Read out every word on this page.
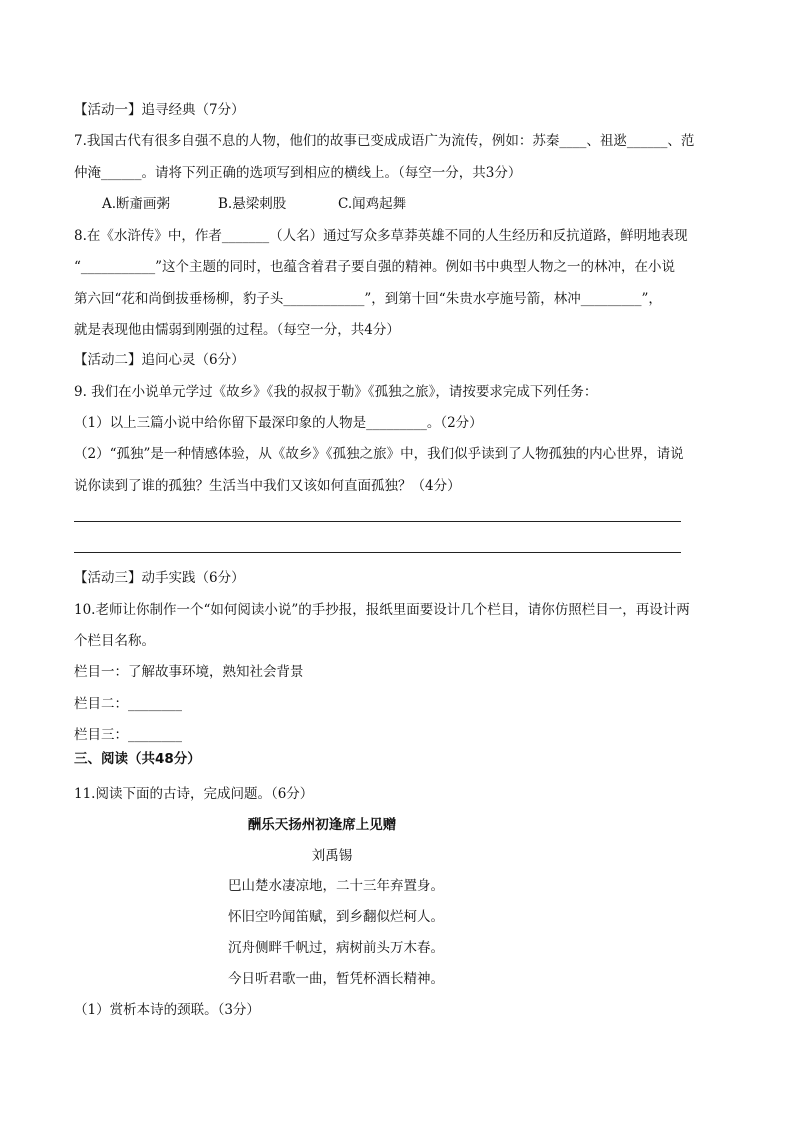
【活动一】追寻经典（7分）
7.我国古代有很多自强不息的人物，他们的故事已变成成语广为流传，例如：苏秦____、祖逖______、范
仲淹______。请将下列正确的选项写到相应的横线上。（每空一分，共3分）
A.断齑画粥	B.悬梁刺股	C.闻鸡起舞
8.在《水浒传》中，作者_______（人名）通过写众多草莽英雄不同的人生经历和反抗道路，鲜明地表现
“___________”这个主题的同时，也蕴含着君子要自强的精神。例如书中典型人物之一的林冲，在小说
第六回“花和尚倒拔垂杨柳，豹子头____________”，到第十回“朱贵水亭施号箭，林冲_________”，
就是表现他由懦弱到刚强的过程。（每空一分，共4分）
【活动二】追问心灵（6分）
9. 我们在小说单元学过《故乡》《我的叔叔于勒》《孤独之旅》，请按要求完成下列任务：
（1）以上三篇小说中给你留下最深印象的人物是_________。（2分）
（2）“孤独”是一种情感体验，从《故乡》《孤独之旅》中，我们似乎读到了人物孤独的内心世界，请说
说你读到了谁的孤独？生活当中我们又该如何直面孤独？（4分）
【活动三】动手实践（6分）
10.老师让你制作一个“如何阅读小说”的手抄报，报纸里面要设计几个栏目，请你仿照栏目一，再设计两
个栏目名称。
栏目一：了解故事环境，熟知社会背景
栏目二：________
栏目三：________
三、阅读（共48分）
11.阅读下面的古诗，完成问题。（6分）
酬乐天扬州初逢席上见赠
刘禹锡
巴山楚水凄凉地，二十三年弃置身。
怀旧空吟闻笛赋，到乡翻似烂柯人。
沉舟侧畔千帆过，病树前头万木春。
今日听君歌一曲，暂凭杯酒长精神。
（1）赏析本诗的颈联。（3分）
